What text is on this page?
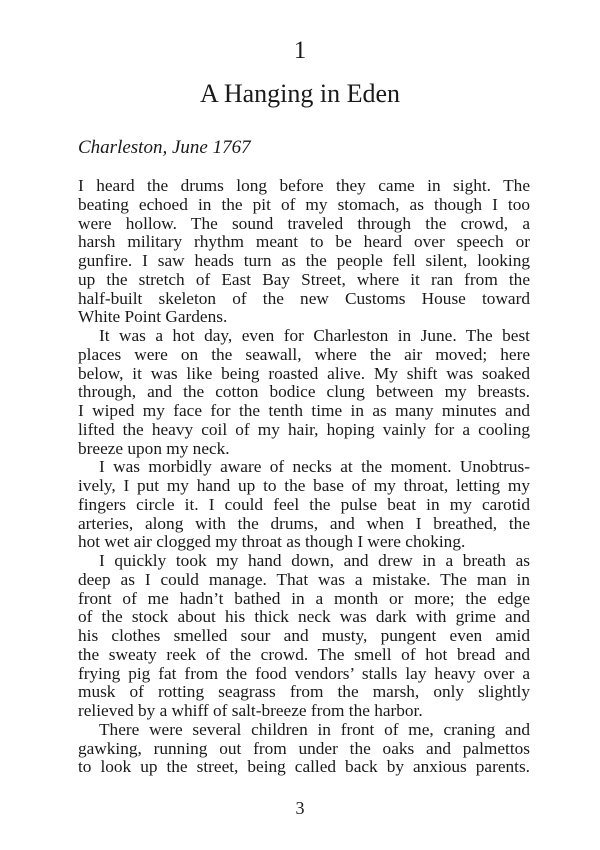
1
A Hanging in Eden
Charleston, June 1767
I heard the drums long before they came in sight. The
beating echoed in the pit of my stomach, as though I too
were hollow. The sound traveled through the crowd, a
harsh military rhythm meant to be heard over speech or
gunfire. I saw heads turn as the people fell silent, looking
up the stretch of East Bay Street, where it ran from the
half-built skeleton of the new Customs House toward
White Point Gardens.
It was a hot day, even for Charleston in June. The best
places were on the seawall, where the air moved; here
below, it was like being roasted alive. My shift was soaked
through, and the cotton bodice clung between my breasts.
I wiped my face for the tenth time in as many minutes and
lifted the heavy coil of my hair, hoping vainly for a cooling
breeze upon my neck.
I was morbidly aware of necks at the moment. Unobtrus-
ively, I put my hand up to the base of my throat, letting my
fingers circle it. I could feel the pulse beat in my carotid
arteries, along with the drums, and when I breathed, the
hot wet air clogged my throat as though I were choking.
I quickly took my hand down, and drew in a breath as
deep as I could manage. That was a mistake. The man in
front of me hadn’t bathed in a month or more; the edge
of the stock about his thick neck was dark with grime and
his clothes smelled sour and musty, pungent even amid
the sweaty reek of the crowd. The smell of hot bread and
frying pig fat from the food vendors’ stalls lay heavy over a
musk of rotting seagrass from the marsh, only slightly
relieved by a whiff of salt-breeze from the harbor.
There were several children in front of me, craning and
gawking, running out from under the oaks and palmettos
to look up the street, being called back by anxious parents.
3
